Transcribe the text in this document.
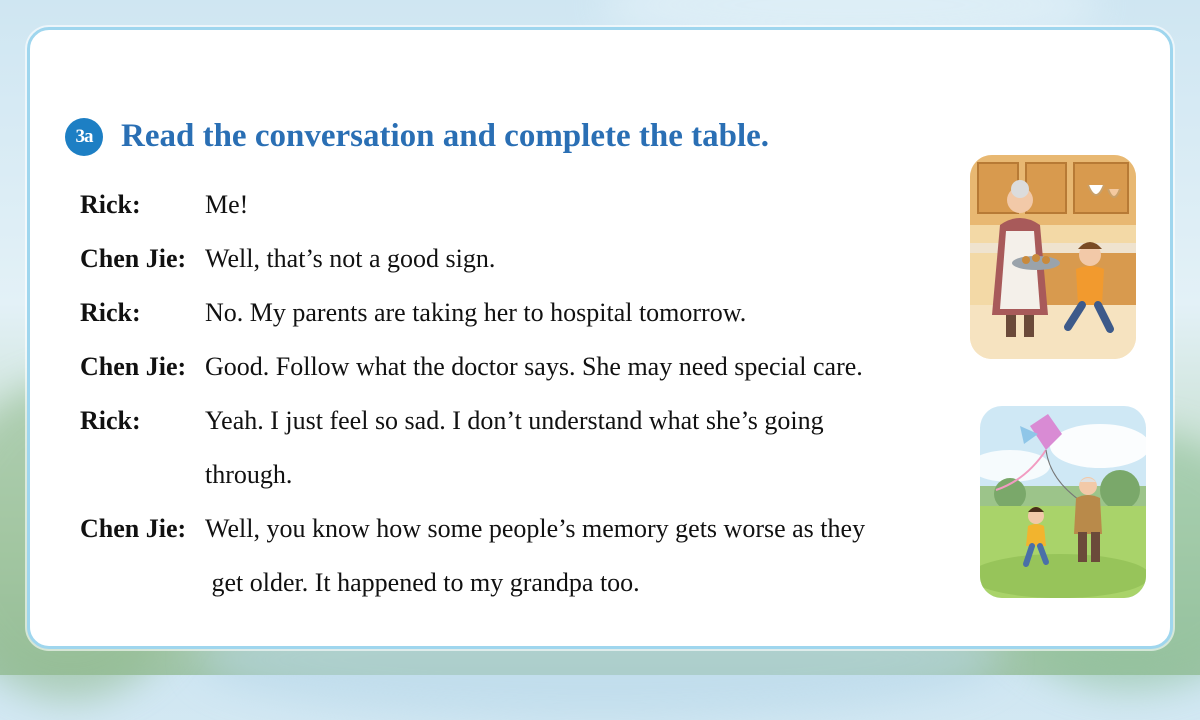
3a Read the conversation and complete the table.
Rick: Me!
Chen Jie: Well, that’s not a good sign.
Rick: No. My parents are taking her to hospital tomorrow.
Chen Jie: Good. Follow what the doctor says. She may need special care.
Rick: Yeah. I just feel so sad. I don’t understand what she’s going
through.
Chen Jie: Well, you know how some people’s memory gets worse as they
get older. It happened to my grandpa too.
